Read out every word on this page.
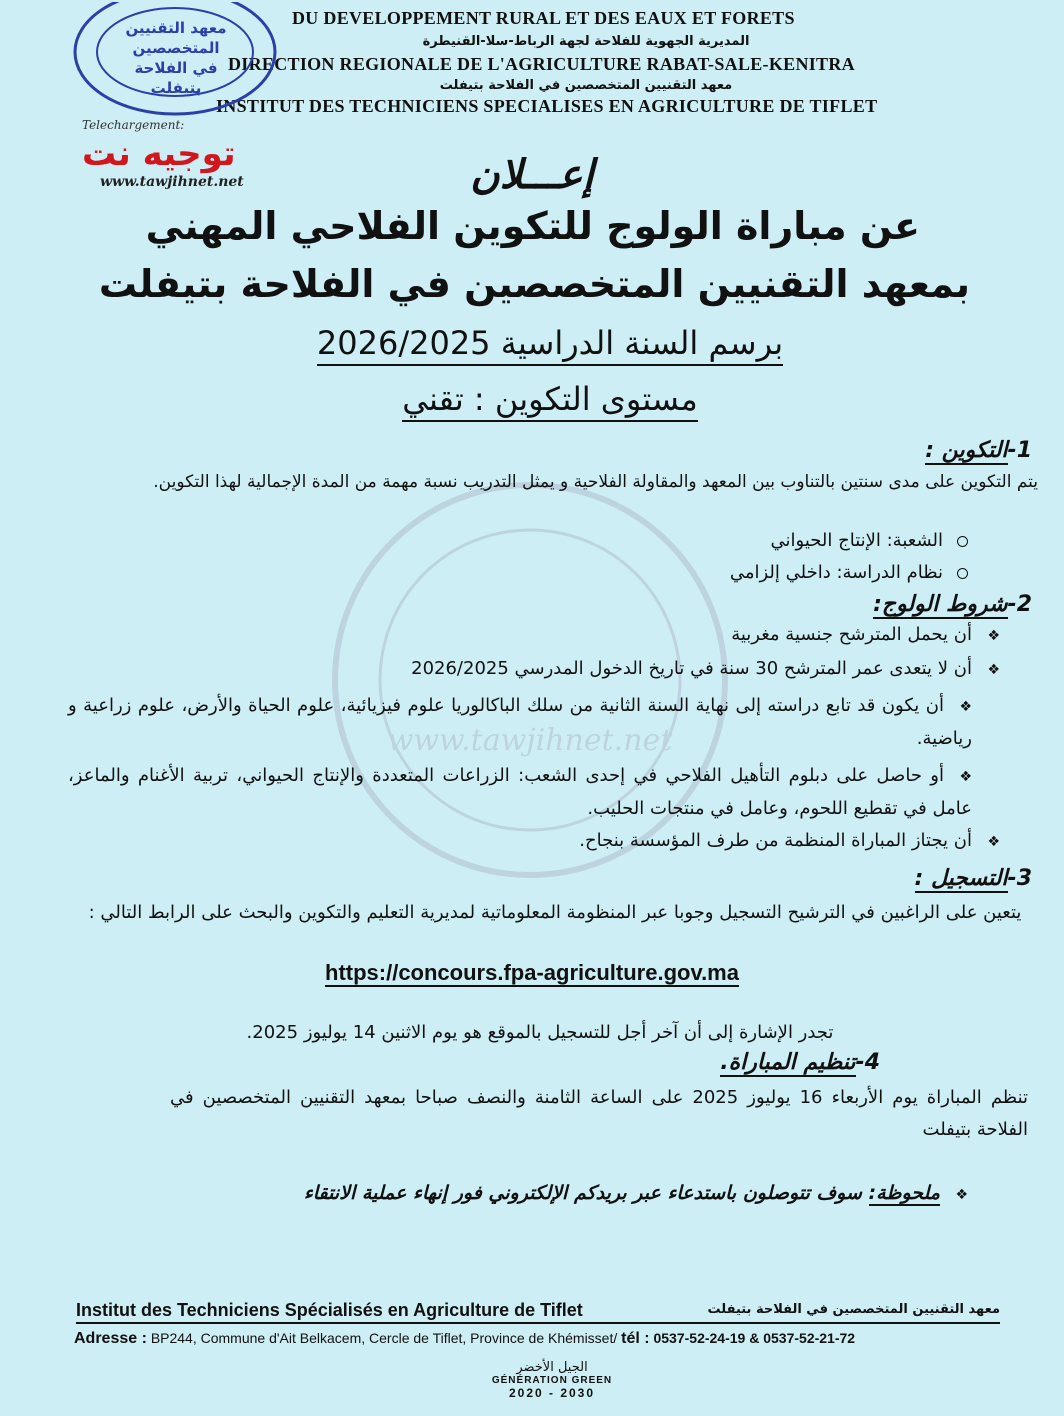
www.tawjihnet.net
DU DEVELOPPEMENT RURAL ET DES EAUX ET FORETS
المديرية الجهوية للفلاحة لجهة الرباط-سلا-القنيطرة
DIRECTION REGIONALE DE L'AGRICULTURE RABAT-SALE-KENITRA
معهد التقنيين المتخصصين في الفلاحة بتيفلت
INSTITUT DES TECHNICIENS SPECIALISES EN AGRICULTURE DE TIFLET
معهد التقنيين المتخصصين في الفلاحة بتيفلت
Telechargement:
توجيه نت
www.tawjihnet.net	إعـــلان
عن مباراة الولوج للتكوين الفلاحي المهني
بمعهد التقنيين المتخصصين في الفلاحة بتيفلت
برسم السنة الدراسية 2026/2025
مستوى التكوين : تقني
1-التكوين :
يتم التكوين على مدى سنتين بالتناوب بين المعهد والمقاولة الفلاحية و يمثل التدريب نسبة مهمة من المدة الإجمالية لهذا التكوين.
الشعبة: الإنتاج الحيواني
نظام الدراسة: داخلي إلزامي
2-شروط الولوج:
❖أن يحمل المترشح جنسية مغربية
❖أن لا يتعدى عمر المترشح 30 سنة في تاريخ الدخول المدرسي 2026/2025
❖أن يكون قد تابع دراسته إلى نهاية السنة الثانية من سلك الباكالوريا علوم فيزيائية، علوم الحياة والأرض، علوم زراعية و رياضية.
❖أو حاصل على دبلوم التأهيل الفلاحي في إحدى الشعب: الزراعات المتعددة والإنتاج الحيواني، تربية الأغنام والماعز، عامل في تقطيع اللحوم، وعامل في منتجات الحليب.
❖أن يجتاز المباراة المنظمة من طرف المؤسسة بنجاح.
3-التسجيل :
يتعين على الراغبين في الترشيح التسجيل وجوبا عبر المنظومة المعلوماتية لمديرية التعليم والتكوين والبحث على الرابط التالي :
https://concours.fpa-agriculture.gov.ma
تجدر الإشارة إلى أن آخر أجل للتسجيل بالموقع هو يوم الاثنين 14 يوليوز 2025.
4-تنظيم المباراة.
تنظم المباراة يوم الأربعاء 16 يوليوز 2025 على الساعة الثامنة والنصف صباحا بمعهد التقنيين المتخصصين في الفلاحة بتيفلت
❖ملحوظة: سوف تتوصلون باستدعاء عبر بريدكم الإلكتروني فور إنهاء عملية الانتقاء
Institut des Techniciens Spécialisés en Agriculture de Tiflet	معهد التقنيين المتخصصين في الفلاحة بتيفلت
Adresse : BP244, Commune d'Ait Belkacem, Cercle de Tiflet, Province de Khémisset/ tél : 0537-52-24-19 & 0537-52-21-72
الجيل الأخضر
GÉNÉRATION GREEN
2020 - 2030
